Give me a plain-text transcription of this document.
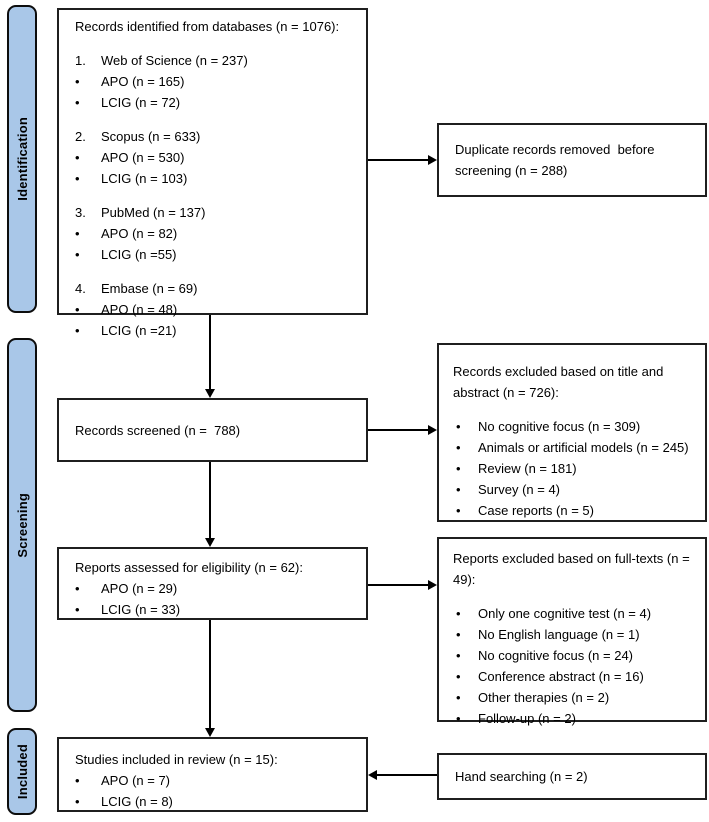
Identification
Screening
Included
Records identified from databases (n = 1076):
1.	Web of Science (n = 237)
•	APO (n = 165)
•	LCIG (n = 72)
2.	Scopus (n = 633)
•	APO (n = 530)
•	LCIG (n = 103)
3.	PubMed (n = 137)
•	APO (n = 82)
•	LCIG (n =55)
4.	Embase (n = 69)
•	APO (n = 48)
•	LCIG (n =21)
Records screened (n =  788)
Reports assessed for eligibility (n = 62):
•	APO (n = 29)
•	LCIG (n = 33)
Studies included in review (n = 15):
•	APO (n = 7)
•	LCIG (n = 8)
Duplicate records removed  before screening (n = 288)
Records excluded based on title and abstract (n = 726):
•	No cognitive focus (n = 309)
•	Animals or artificial models (n = 245)
•	Review (n = 181)
•	Survey (n = 4)
•	Case reports (n = 5)
Reports excluded based on full-texts (n = 49):
•	Only one cognitive test (n = 4)
•	No English language (n = 1)
•	No cognitive focus (n = 24)
•	Conference abstract (n = 16)
•	Other therapies (n = 2)
•	Follow-up (n = 2)
Hand searching (n = 2)
